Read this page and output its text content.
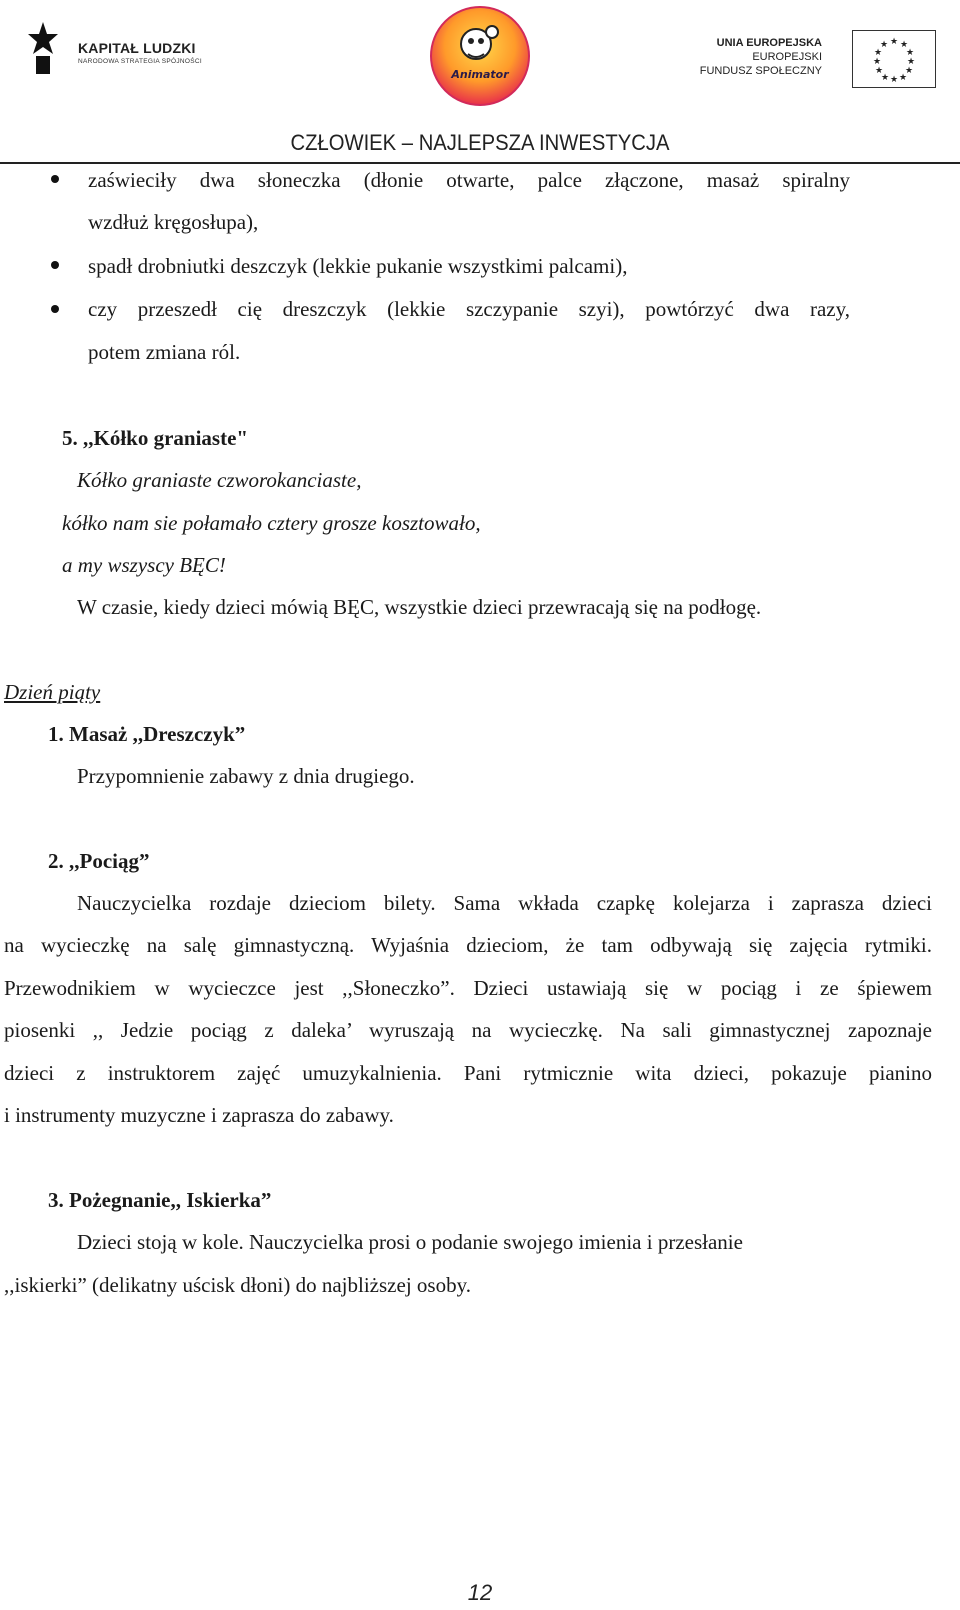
KAPITAŁ LUDZKI
NARODOWA STRATEGIA SPÓJNOŚCI
Animator
UNIA EUROPEJSKA
EUROPEJSKI
FUNDUSZ SPOŁECZNY
★ ★
★
★
★
★
★
★
★
★
★
★
CZŁOWIEK – NAJLEPSZA INWESTYCJA
zaświeciły dwa słoneczka (dłonie otwarte, palce złączone, masaż spiralny
wzdłuż kręgosłupa),
spadł drobniutki deszczyk (lekkie pukanie wszystkimi palcami),
czy przeszedł cię dreszczyk (lekkie szczypanie szyi), powtórzyć dwa razy,
potem zmiana ról.
5. ,,Kółko graniaste"
Kółko graniaste czworokanciaste,
kółko nam sie połamało cztery grosze kosztowało,
a my wszyscy BĘC!
W czasie, kiedy dzieci mówią BĘC, wszystkie dzieci przewracają się na podłogę.
Dzień piąty
1. Masaż ,,Dreszczyk”
Przypomnienie zabawy z dnia drugiego.
2. ,,Pociąg”
Nauczycielka rozdaje dzieciom bilety. Sama wkłada czapkę kolejarza i zaprasza dzieci
na wycieczkę na salę gimnastyczną. Wyjaśnia dzieciom, że tam odbywają się zajęcia rytmiki.
Przewodnikiem w wycieczce jest ,,Słoneczko”. Dzieci ustawiają się w pociąg i ze śpiewem
piosenki ,, Jedzie pociąg z daleka’ wyruszają na wycieczkę. Na sali gimnastycznej zapoznaje
dzieci z instruktorem zajęć umuzykalnienia. Pani rytmicznie wita dzieci, pokazuje pianino
i instrumenty muzyczne i zaprasza do zabawy.
3. Pożegnanie,, Iskierka”
Dzieci stoją w kole. Nauczycielka prosi o podanie swojego imienia i przesłanie
,,iskierki” (delikatny uścisk dłoni) do najbliższej osoby.
12
